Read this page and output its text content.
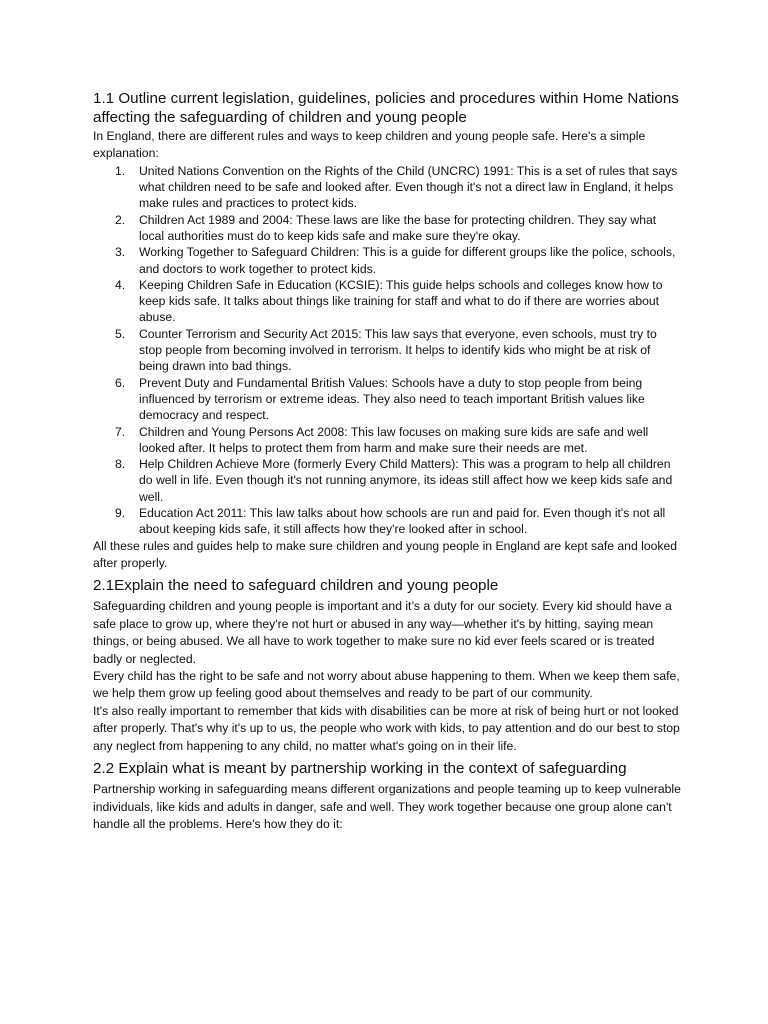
1.1 Outline current legislation, guidelines, policies and procedures within Home Nations affecting the safeguarding of children and young people

In England, there are different rules and ways to keep children and young people safe. Here's a simple explanation:

1.	United Nations Convention on the Rights of the Child (UNCRC) 1991: This is a set of rules that says what children need to be safe and looked after. Even though it's not a direct law in England, it helps make rules and practices to protect kids.
2.	Children Act 1989 and 2004: These laws are like the base for protecting children. They say what local authorities must do to keep kids safe and make sure they're okay.
3.	Working Together to Safeguard Children: This is a guide for different groups like the police, schools, and doctors to work together to protect kids.
4.	Keeping Children Safe in Education (KCSIE): This guide helps schools and colleges know how to keep kids safe. It talks about things like training for staff and what to do if there are worries about abuse.
5.	Counter Terrorism and Security Act 2015: This law says that everyone, even schools, must try to stop people from becoming involved in terrorism. It helps to identify kids who might be at risk of being drawn into bad things.
6.	Prevent Duty and Fundamental British Values: Schools have a duty to stop people from being influenced by terrorism or extreme ideas. They also need to teach important British values like democracy and respect.
7.	Children and Young Persons Act 2008: This law focuses on making sure kids are safe and well looked after. It helps to protect them from harm and make sure their needs are met.
8.	Help Children Achieve More (formerly Every Child Matters): This was a program to help all children do well in life. Even though it's not running anymore, its ideas still affect how we keep kids safe and well.
9.	Education Act 2011: This law talks about how schools are run and paid for. Even though it's not all about keeping kids safe, it still affects how they're looked after in school.

All these rules and guides help to make sure children and young people in England are kept safe and looked after properly.

2.1Explain the need to safeguard children and young people

Safeguarding children and young people is important and it’s a duty for our society. Every kid should have a safe place to grow up, where they're not hurt or abused in any way—whether it's by hitting, saying mean things, or being abused. We all have to work together to make sure no kid ever feels scared or is treated badly or neglected.

Every child has the right to be safe and not worry about abuse happening to them. When we keep them safe, we help them grow up feeling good about themselves and ready to be part of our community.

It's also really important to remember that kids with disabilities can be more at risk of being hurt or not looked after properly. That's why it's up to us, the people who work with kids, to pay attention and do our best to stop any neglect from happening to any child, no matter what's going on in their life.

2.2 Explain what is meant by partnership working in the context of safeguarding

Partnership working in safeguarding means different organizations and people teaming up to keep vulnerable individuals, like kids and adults in danger, safe and well. They work together because one group alone can't handle all the problems. Here's how they do it:
